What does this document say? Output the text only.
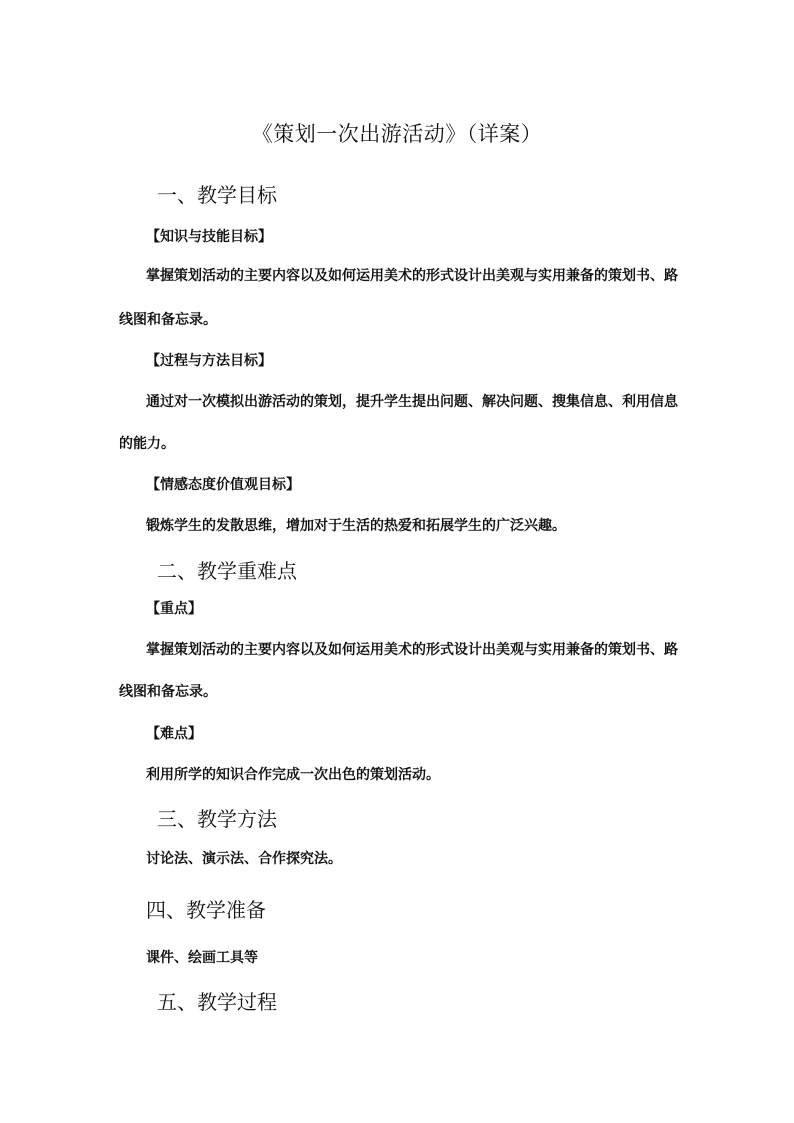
《策划一次出游活动》（详案）
一、教学目标
【知识与技能目标】
掌握策划活动的主要内容以及如何运用美术的形式设计出美观与实用兼备的策划书、路
线图和备忘录。
【过程与方法目标】
通过对一次模拟出游活动的策划，提升学生提出问题、解决问题、搜集信息、利用信息
的能力。
【情感态度价值观目标】
锻炼学生的发散思维，增加对于生活的热爱和拓展学生的广泛兴趣。
二、教学重难点
【重点】
掌握策划活动的主要内容以及如何运用美术的形式设计出美观与实用兼备的策划书、路
线图和备忘录。
【难点】
利用所学的知识合作完成一次出色的策划活动。
三、教学方法
讨论法、演示法、合作探究法。
四、教学准备
课件、绘画工具等
五、教学过程
